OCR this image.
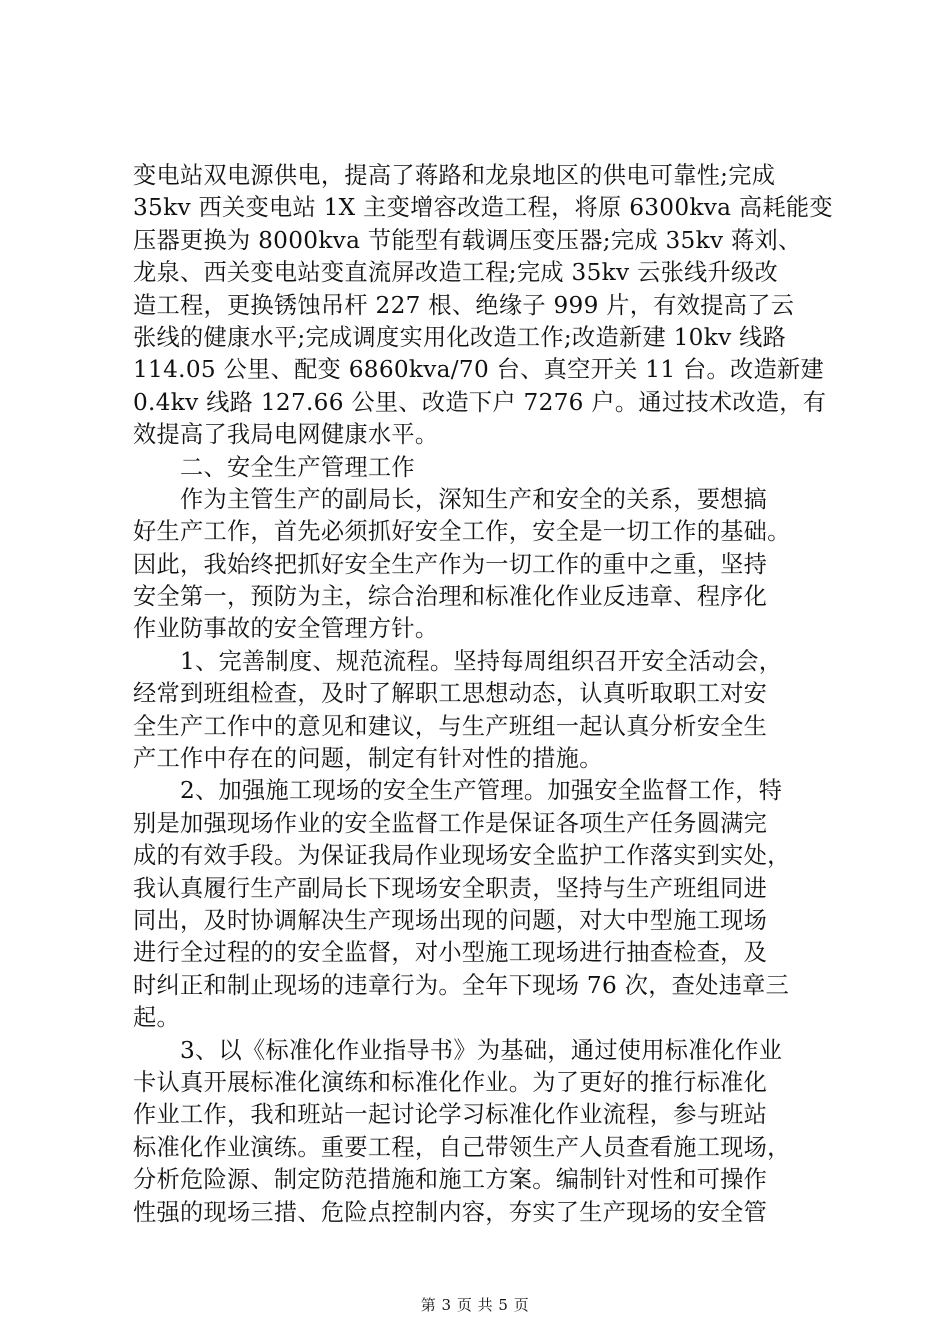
变电站双电源供电，提高了蒋路和龙泉地区的供电可靠性;完成
35kv 西关变电站 1X 主变增容改造工程，将原 6300kva 高耗能变
压器更换为 8000kva 节能型有载调压变压器;完成 35kv 蒋刘、
龙泉、西关变电站变直流屏改造工程;完成 35kv 云张线升级改
造工程，更换锈蚀吊杆 227 根、绝缘子 999 片，有效提高了云
张线的健康水平;完成调度实用化改造工作;改造新建 10kv 线路
114.05 公里、配变 6860kva/70 台、真空开关 11 台。改造新建
0.4kv 线路 127.66 公里、改造下户 7276 户。通过技术改造，有
效提高了我局电网健康水平。
　　二、安全生产管理工作
　　作为主管生产的副局长，深知生产和安全的关系，要想搞
好生产工作，首先必须抓好安全工作，安全是一切工作的基础。
因此，我始终把抓好安全生产作为一切工作的重中之重，坚持
安全第一，预防为主，综合治理和标准化作业反违章、程序化
作业防事故的安全管理方针。
　　1、完善制度、规范流程。坚持每周组织召开安全活动会，
经常到班组检查，及时了解职工思想动态，认真听取职工对安
全生产工作中的意见和建议，与生产班组一起认真分析安全生
产工作中存在的问题，制定有针对性的措施。
　　2、加强施工现场的安全生产管理。加强安全监督工作，特
别是加强现场作业的安全监督工作是保证各项生产任务圆满完
成的有效手段。为保证我局作业现场安全监护工作落实到实处，
我认真履行生产副局长下现场安全职责，坚持与生产班组同进
同出，及时协调解决生产现场出现的问题，对大中型施工现场
进行全过程的的安全监督，对小型施工现场进行抽查检查，及
时纠正和制止现场的违章行为。全年下现场 76 次，查处违章三
起。
　　3、以《标准化作业指导书》为基础，通过使用标准化作业
卡认真开展标准化演练和标准化作业。为了更好的推行标准化
作业工作，我和班站一起讨论学习标准化作业流程，参与班站
标准化作业演练。重要工程，自己带领生产人员查看施工现场，
分析危险源、制定防范措施和施工方案。编制针对性和可操作
性强的现场三措、危险点控制内容，夯实了生产现场的安全管
第 3 页 共 5 页
